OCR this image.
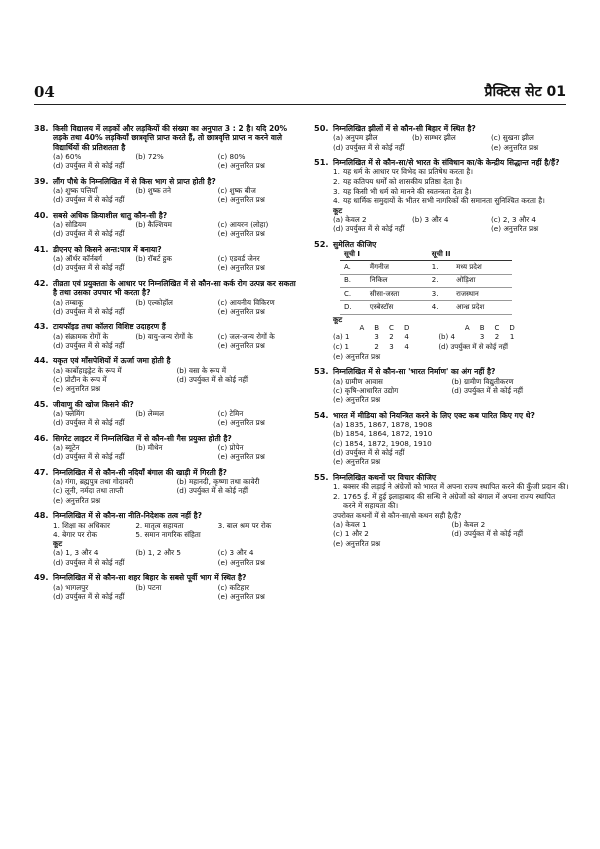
04	प्रैक्टिस सेट 01
38. किसी विद्यालय में लड़कों और लड़कियों की संख्या का अनुपात 3 : 2 है। यदि 20% लड़के तथा 40% लड़कियाँ छात्रवृत्ति प्राप्त करते हैं, तो छात्रवृत्ति प्राप्त न करने वाले विद्यार्थियों की प्रतिशतता है
(a) 60%	(b) 72%	(c) 80%
(d) उपर्युक्त में से कोई नहीं	(e) अनुत्तरित प्रश्न
39. लौंग पौधे के निम्नलिखित में से किस भाग से प्राप्त होती है?
(a) शुष्क पत्तियाँ	(b) शुष्क तने	(c) शुष्क बीज
(d) उपर्युक्त में से कोई नहीं	(e) अनुत्तरित प्रश्न
40. सबसे अधिक क्रियाशील धातु कौन-सी है?
(a) सोडियम	(b) कैल्शियम	(c) आयरन (लोहा)
(d) उपर्युक्त में से कोई नहीं	(e) अनुत्तरित प्रश्न
41. डीएनए को किसने अन्त:पात्र में बनाया?
(a) ऑर्थर कॉर्नबर्ग	(b) रॉबर्ट हुक	(c) एडवर्ड जेनर
(d) उपर्युक्त में से कोई नहीं	(e) अनुत्तरित प्रश्न
42. तीव्रता एवं प्रयुक्तता के आधार पर निम्नलिखित में से कौन-सा कर्क रोग उत्पन्न कर सकता है तथा उसका उपचार भी करता है?
(a) तम्बाकू	(b) एल्कोहॉल	(c) आयनीय विकिरण
(d) उपर्युक्त में से कोई नहीं	(e) अनुत्तरित प्रश्न
43. टायफॉइड तथा कॉलरा विशिष्ट उदाहरण हैं
(a) संक्रामक रोगों के	(b) वायु-जन्य रोगों के	(c) जल-जन्य रोगों के
(d) उपर्युक्त में से कोई नहीं	(e) अनुत्तरित प्रश्न
44. यकृत एवं माँसपेशियों में ऊर्जा जमा होती है
(a) कार्बोहाइड्रेट के रूप में	(b) वसा के रूप में
(c) प्रोटीन के रूप में	(d) उपर्युक्त में से कोई नहीं
(e) अनुत्तरित प्रश्न
45. जीवाणु की खोज किसने की?
(a) फ्लेमिंग	(b) लेम्मल	(c) टेमिन
(d) उपर्युक्त में से कोई नहीं	(e) अनुत्तरित प्रश्न
46. सिगरेट लाइटर में निम्नलिखित में से कौन-सी गैस प्रयुक्त होती है?
(a) ब्यूटेन	(b) मीथेन	(c) प्रोपेन
(d) उपर्युक्त में से कोई नहीं	(e) अनुत्तरित प्रश्न
47. निम्नलिखित में से कौन-सी नदियाँ बंगाल की खाड़ी में गिरती हैं?
(a) गंगा, ब्रह्मपुत्र तथा गोदावरी	(b) महानदी, कृष्णा तथा कावेरी
(c) लूनी, नर्मदा तथा ताप्ती	(d) उपर्युक्त में से कोई नहीं
(e) अनुत्तरित प्रश्न
48. निम्नलिखित में से कौन-सा नीति-निदेशक तत्व नहीं है?
1. शिक्षा का अधिकार	2. मातृत्व सहायता	3. बाल श्रम पर रोक
4. बेगार पर रोक	5. समान नागरिक संहिता
कूट
(a) 1, 3 और 4	(b) 1, 2 और 5	(c) 3 और 4
(d) उपर्युक्त में से कोई नहीं	(e) अनुत्तरित प्रश्न
49. निम्नलिखित में से कौन-सा शहर बिहार के सबसे पूर्वी भाग में स्थित है?
(a) भागलपुर	(b) पटना	(c) कटिहार
(d) उपर्युक्त में से कोई नहीं	(e) अनुत्तरित प्रश्न
50. निम्नलिखित झीलों में से कौन-सी बिहार में स्थित है?
(a) अनुपम झील	(b) साम्भर झील	(c) सुखना झील
(d) उपर्युक्त में से कोई नहीं	(e) अनुत्तरित प्रश्न
51. निम्नलिखित में से कौन-सा/से भारत के संविधान का/के केन्द्रीय सिद्धान्त नहीं है/हैं?
1. यह धर्म के आधार पर विभेद का प्रतिषेध करता है।
2. यह कतिपय धर्मों को शासकीय प्रतिष्ठा देता है।
3. यह किसी भी धर्म को मानने की स्वतन्त्रता देता है।
4. यह धार्मिक समुदायों के भीतर सभी नागरिकों की समानता सुनिश्चित करता है।
कूट
(a) केवल 2	(b) 3 और 4	(c) 2, 3 और 4
(d) उपर्युक्त में से कोई नहीं	(e) अनुत्तरित प्रश्न
52. सुमेलित कीजिए
सूची I		सूची II	
A.	मैंगनीज	1.	मध्य प्रदेश
B.	निकिल	2.	ओड़िशा
C.	सीसा-जस्ता	3.	राजस्थान
D.	एस्बेस्टॉस	4.	आन्ध्र प्रदेश
कूट
	A	B	C	D			A	B	C	D
(a) 1		3	2	4		(b) 4		3	2	1
(c) 1		2	3	4		(d) उपर्युक्त में से कोई नहीं				
(e) अनुत्तरित प्रश्न
53. निम्नलिखित में से कौन-सा 'भारत निर्माण' का अंग नहीं है?
(a) ग्रामीण आवास	(b) ग्रामीण विद्युतीकरण
(c) कृषि-आधारित उद्योग	(d) उपर्युक्त में से कोई नहीं
(e) अनुत्तरित प्रश्न
54. भारत में मीडिया को नियन्त्रित करने के लिए एक्ट कब पारित किए गए थे?
(a) 1835, 1867, 1878, 1908
(b) 1854, 1864, 1872, 1910
(c) 1854, 1872, 1908, 1910
(d) उपर्युक्त में से कोई नहीं
(e) अनुत्तरित प्रश्न
55. निम्नलिखित कथनों पर विचार कीजिए
1. बक्सर की लड़ाई ने अंग्रेजों को भारत में अपना राज्य स्थापित करने की कुँजी प्रदान की।
2. 1765 ई. में हुई इलाहाबाद की सन्धि ने अंग्रेजों को बंगाल में अपना राज्य स्थापित करने में सहायता की।
उपरोक्त कथनों में से कौन-सा/से कथन सही है/हैं?
(a) केवल 1	(b) केवल 2
(c) 1 और 2	(d) उपर्युक्त में से कोई नहीं
(e) अनुत्तरित प्रश्न
